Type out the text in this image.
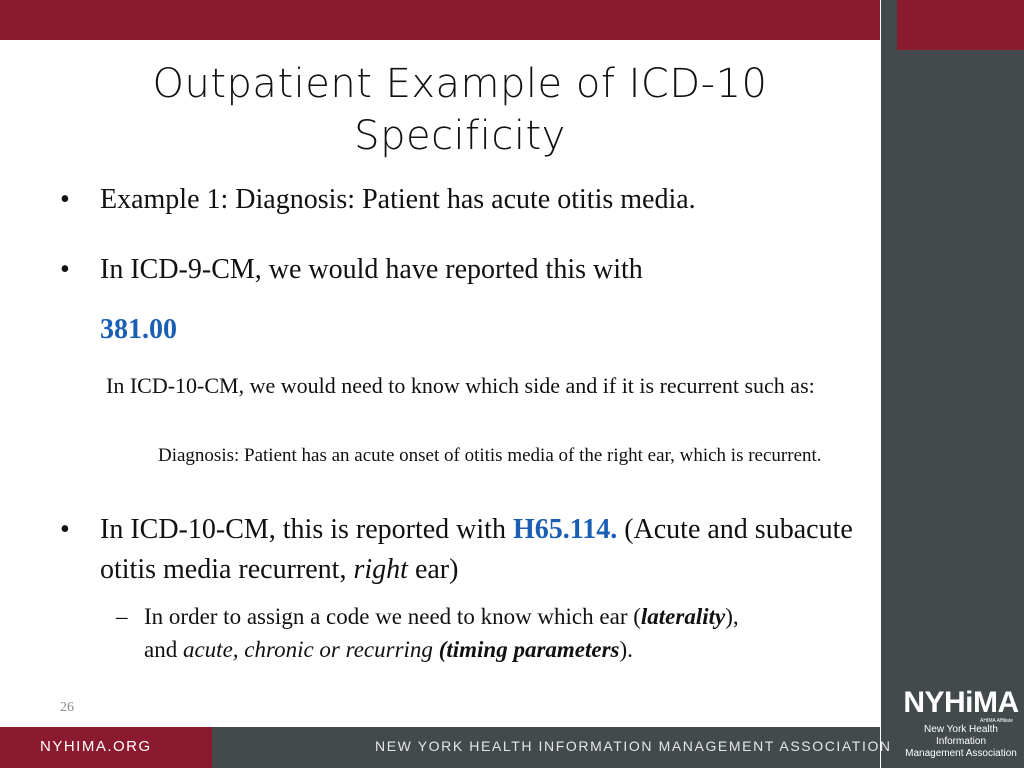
Outpatient Example of ICD-10 Specificity
• Example 1: Diagnosis: Patient has acute otitis media.
• In ICD-9-CM, we would have reported this with
381.00
In ICD-10-CM, we would need to know which side and if it is recurrent such as:
Diagnosis: Patient has an acute onset of otitis media of the right ear, which is recurrent.
• In ICD-10-CM, this is reported with H65.114. (Acute and subacute otitis media recurrent, right ear)
– In order to assign a code we need to know which ear (laterality), and acute, chronic or recurring (timing parameters).
26
NYHIMA.ORG	NEW YORK HEALTH INFORMATION MANAGEMENT ASSOCIATION
NYHiMA
AHIMA Affiliate
New York Health Information
Management Association
